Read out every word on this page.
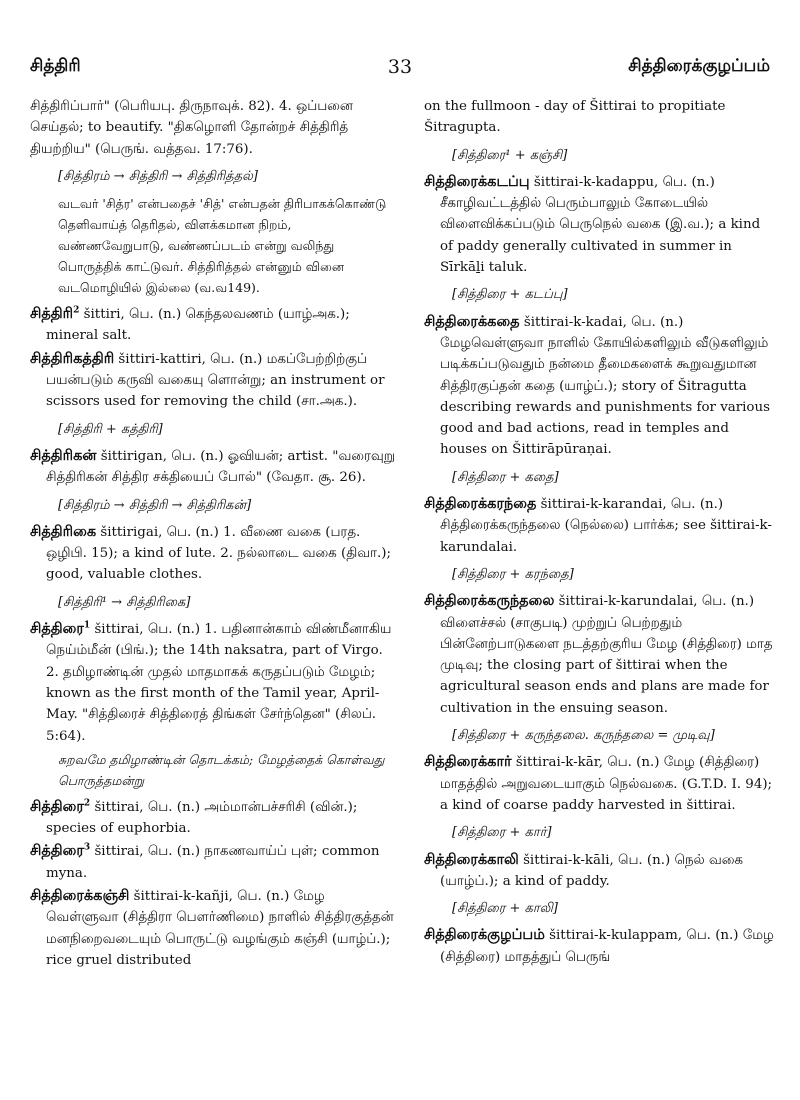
சித்திரி	33	சித்திரைக்குழப்பம்

சித்திரிப்பார்" (பெரியபு. திருநாவுக். 82). 4. ஒப்பனை செய்தல்; to beautify. "திகழொளி தோன்றச் சித்திரித் தியற்றிய" (பெருங். வத்தவ. 17:76).

[சித்திரம் → சித்திரி → சித்திரித்தல்]

வடவர் 'சித்ர' என்பதைச் 'சித்' என்பதன் திரிபாகக்கொண்டு தெளிவாய்த் தெரிதல், விளக்கமான நிறம், வண்ணவேறுபாடு, வண்ணப்படம் என்று வலிந்து பொருத்திக் காட்டுவர். சித்திரித்தல் என்னும் வினை வடமொழியில் இல்லை (வ.வ149).

சித்திரி$^2$ šittiri, பெ. (n.) கெந்தலவணம் (யாழ்அக.); mineral salt.

சித்திரிகத்திரி šittiri-kattiri, பெ. (n.) மகப்பேற்றிற்குப் பயன்படும் கருவி வகையு ளொன்று; an instrument or scissors used for removing the child (சா.அக.).

[சித்திரி + கத்திரி]

சித்திரிகன் šittirigan, பெ. (n.) ஓவியன்; artist. "வரைவுறு சித்திரிகன் சித்திர சக்தியைப் போல்" (வேதா. சூ. 26).

[சித்திரம் → சித்திரி → சித்திரிகன்]

சித்திரிகை šittirigai, பெ. (n.) 1. வீணை வகை (பரத. ஒழிபி. 15); a kind of lute. 2. நல்லாடை வகை (திவா.); good, valuable clothes.

[சித்திரி¹ → சித்திரிகை]

சித்திரை$^1$ šittirai, பெ. (n.) 1. பதினான்காம் விண்மீனாகிய நெய்ம்மீன் (பிங்.); the 14th naksatra, part of Virgo. 2. தமிழாண்டின் முதல் மாதமாகக் கருதப்படும் மேழம்; known as the first month of the Tamil year, April-May. "சித்திரைச் சித்திரைத் திங்கள் சேர்ந்தென" (சிலப். 5:64).

சுறவமே தமிழாண்டின் தொடக்கம்; மேழத்தைக் கொள்வது பொருத்தமன்று

சித்திரை$^2$ šittirai, பெ. (n.) அம்மான்பச்சரிசி (வின்.); species of euphorbia.

சித்திரை$^3$ šittirai, பெ. (n.) நாகணவாய்ப் புள்; common myna.

சித்திரைக்கஞ்சி šittirai-k-kañji, பெ. (n.) மேழ வெள்ளுவா (சித்திரா பௌர்ணிமை) நாளில் சித்திரகுத்தன் மனநிறைவடையும் பொருட்டு வழங்கும் கஞ்சி (யாழ்ப்.); rice gruel distributed

on the fullmoon - day of Šittirai to propitiate Šitragupta.

[சித்திரை¹ + கஞ்சி]

சித்திரைக்கடப்பு šittirai-k-kadappu, பெ. (n.) சீகாழிவட்டத்தில் பெரும்பாலும் கோடையில் விளைவிக்கப்படும் பெருநெல் வகை (இ.வ.); a kind of paddy generally cultivated in summer in Sīrkāḻi taluk.

[சித்திரை + கடப்பு]

சித்திரைக்கதை šittirai-k-kadai, பெ. (n.) மேழவெள்ளுவா நாளில் கோயில்களிலும் வீடுகளிலும் படிக்கப்படுவதும் நன்மை தீமைகளைக் கூறுவதுமான சித்திரகுப்தன் கதை (யாழ்ப்.); story of Šitragutta describing rewards and punishments for various good and bad actions, read in temples and houses on Šittirāpūraṇai.

[சித்திரை + கதை]

சித்திரைக்கரந்தை šittirai-k-karandai, பெ. (n.) சித்திரைக்கருந்தலை (நெல்லை) பார்க்க; see šittirai-k-karundalai.

[சித்திரை + கரந்தை]

சித்திரைக்கருந்தலை šittirai-k-karundalai, பெ. (n.) விளைச்சல் (சாகுபடி) முற்றுப் பெற்றதும் பின்னேற்பாடுகளை நடத்தற்குரிய மேழ (சித்திரை) மாத முடிவு; the closing part of šittirai when the agricultural season ends and plans are made for cultivation in the ensuing season.

[சித்திரை + கருந்தலை. கருந்தலை = முடிவு]

சித்திரைக்கார் šittirai-k-kār, பெ. (n.) மேழ (சித்திரை) மாதத்தில் அறுவடையாகும் நெல்வகை. (G.T.D. I. 94); a kind of coarse paddy harvested in šittirai.

[சித்திரை + கார்]

சித்திரைக்காலி šittirai-k-kāli, பெ. (n.) நெல் வகை (யாழ்ப்.); a kind of paddy.

[சித்திரை + காலி]

சித்திரைக்குழப்பம் šittirai-k-kulappam, பெ. (n.) மேழ (சித்திரை) மாதத்துப் பெருங்
